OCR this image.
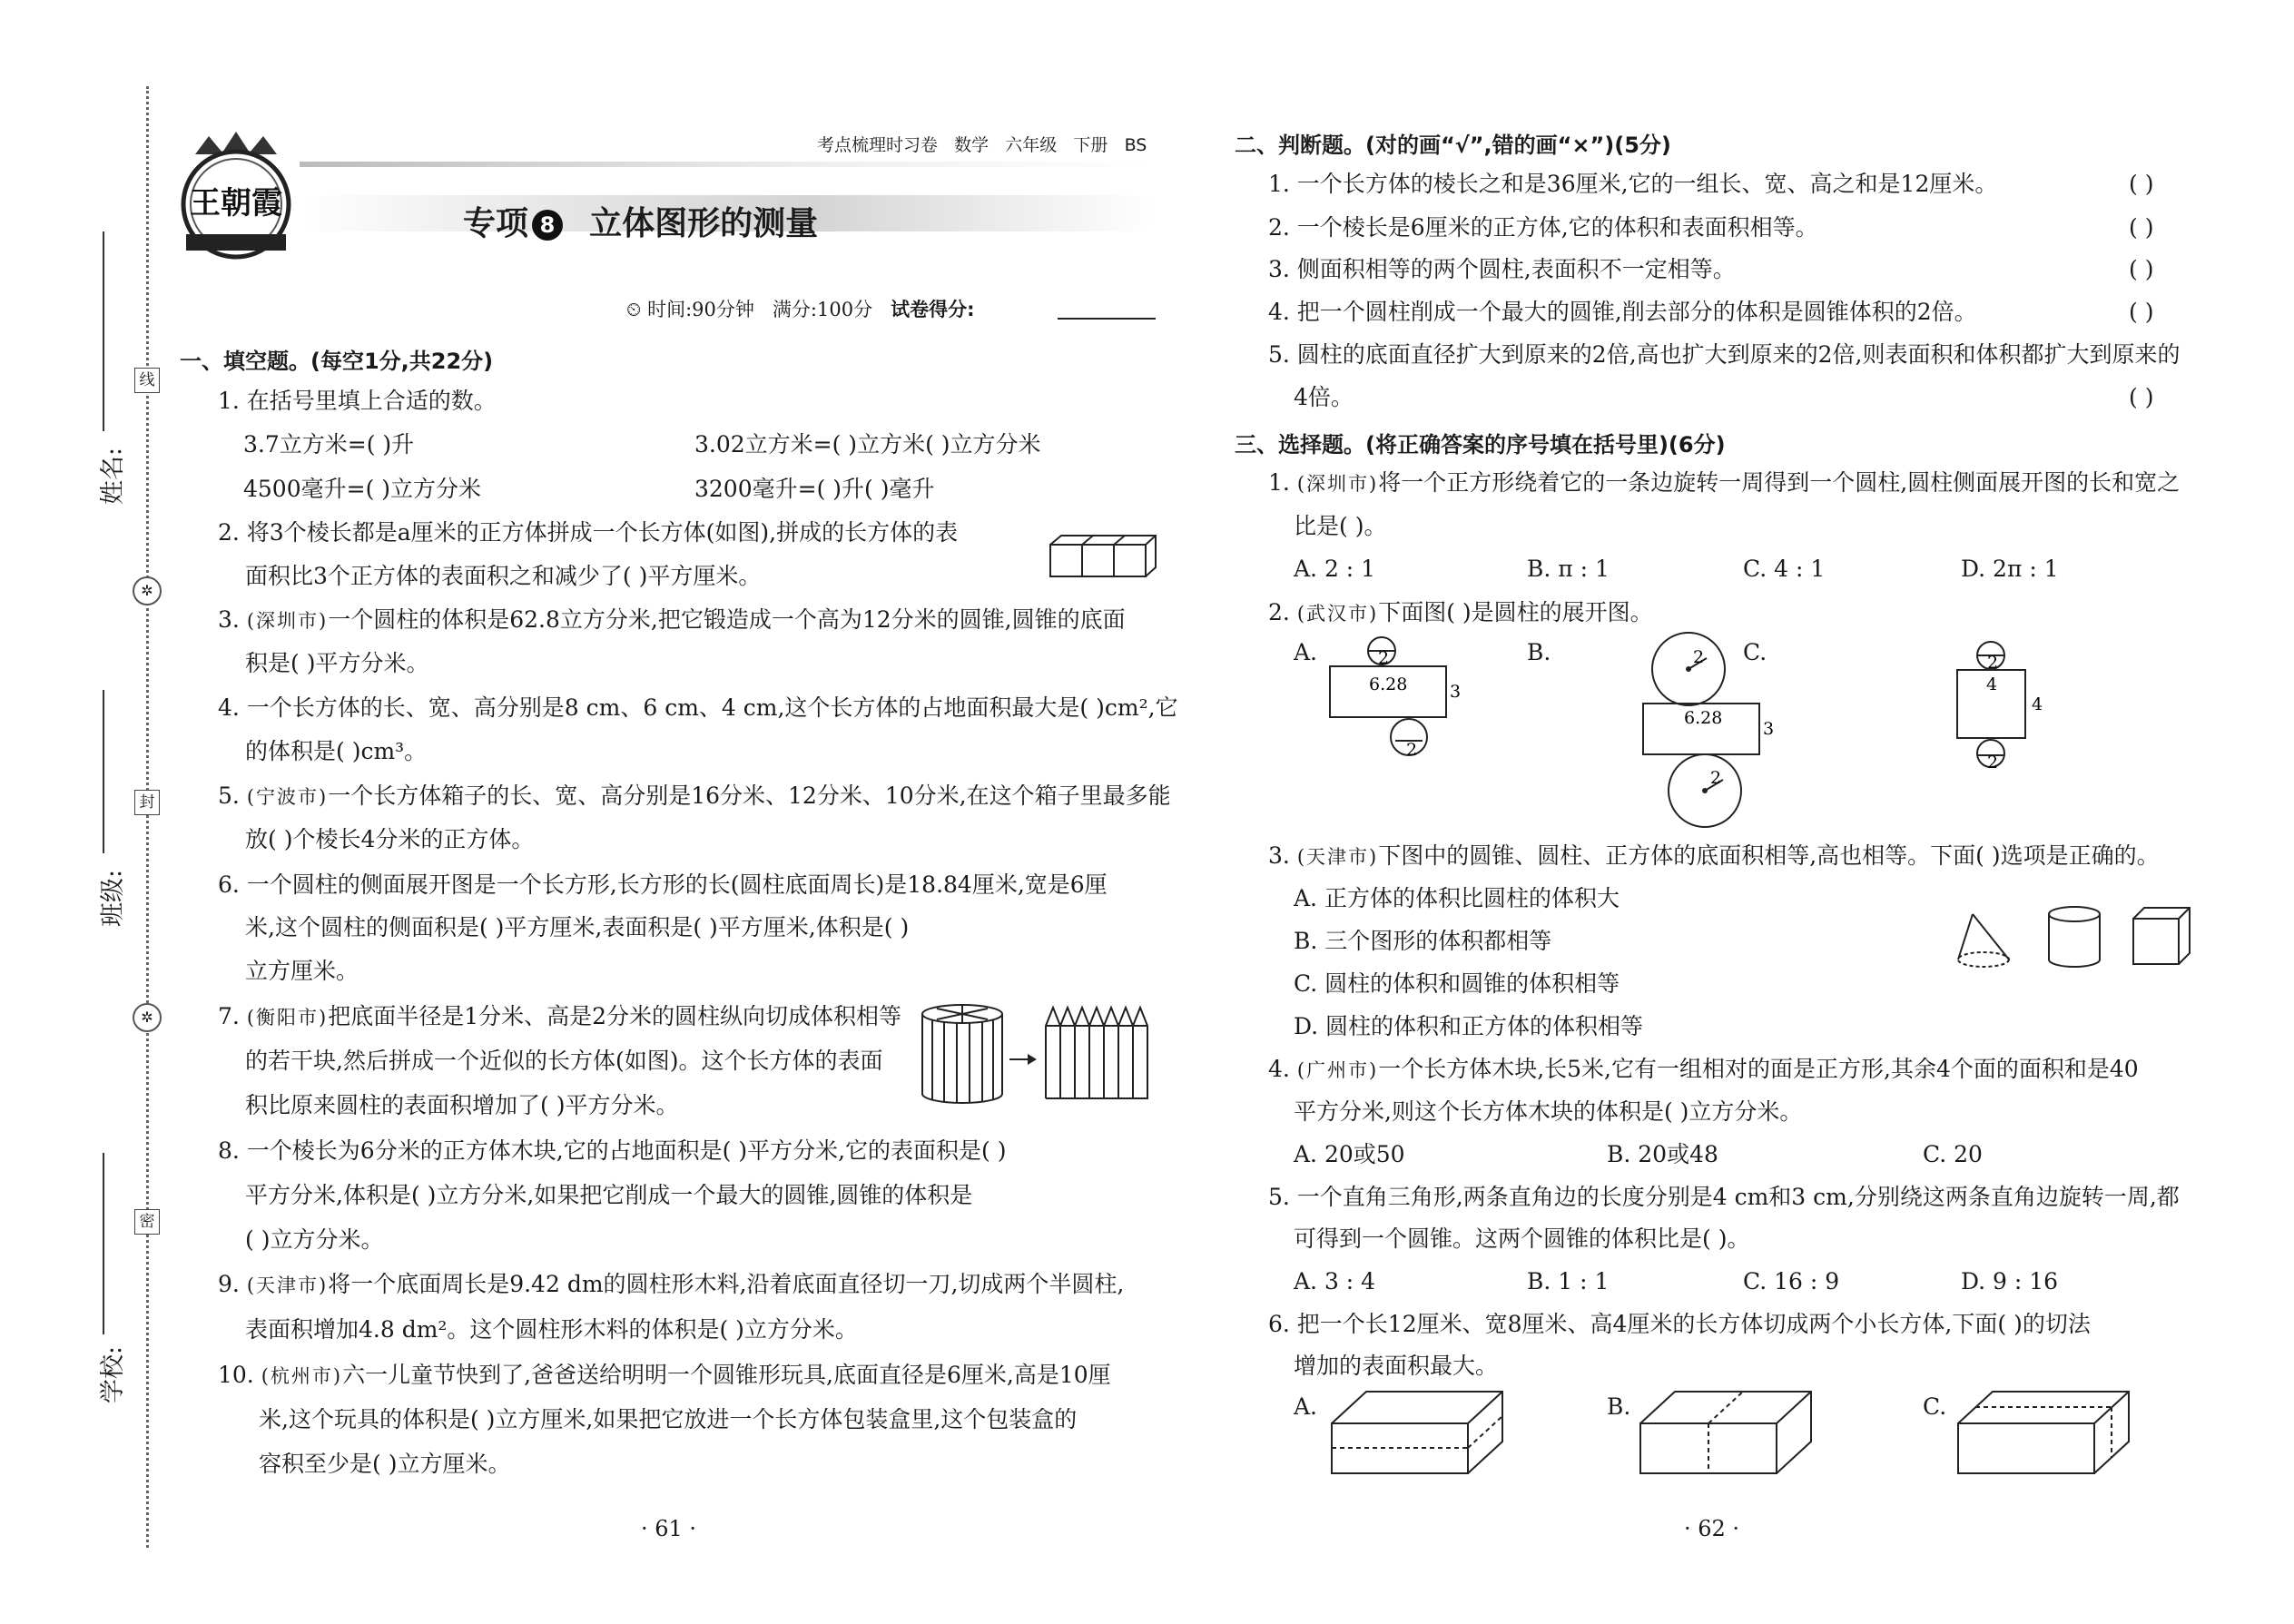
姓名:
班级:
学校:
线
✲
封
✲
密
考点梳理时习卷 数学 六年级 下册 BS
王朝霞
专项 8 立体图形的测量
⏲ 时间:90分钟 满分:100分 试卷得分:
一、填空题。(每空1分,共22分)
1. 在括号里填上合适的数。
3.7立方米=( )升	3.02立方米=( )立方米( )立方分米
4500毫升=( )立方分米	3200毫升=( )升( )毫升
2. 将3个棱长都是a厘米的正方体拼成一个长方体(如图),拼成的长方体的表
面积比3个正方体的表面积之和减少了( )平方厘米。
3. (深圳市)一个圆柱的体积是62.8立方分米,把它锻造成一个高为12分米的圆锥,圆锥的底面
积是( )平方分米。
4. 一个长方体的长、宽、高分别是8 cm、6 cm、4 cm,这个长方体的占地面积最大是( )cm²,它
的体积是( )cm³。
5. (宁波市)一个长方体箱子的长、宽、高分别是16分米、12分米、10分米,在这个箱子里最多能
放( )个棱长4分米的正方体。
6. 一个圆柱的侧面展开图是一个长方形,长方形的长(圆柱底面周长)是18.84厘米,宽是6厘
米,这个圆柱的侧面积是( )平方厘米,表面积是( )平方厘米,体积是( )
立方厘米。
7. (衡阳市)把底面半径是1分米、高是2分米的圆柱纵向切成体积相等
的若干块,然后拼成一个近似的长方体(如图)。这个长方体的表面
积比原来圆柱的表面积增加了( )平方分米。
8. 一个棱长为6分米的正方体木块,它的占地面积是( )平方分米,它的表面积是( )
平方分米,体积是( )立方分米,如果把它削成一个最大的圆锥,圆锥的体积是
( )立方分米。
9. (天津市)将一个底面周长是9.42 dm的圆柱形木料,沿着底面直径切一刀,切成两个半圆柱,
表面积增加4.8 dm²。这个圆柱形木料的体积是( )立方分米。
10. (杭州市)六一儿童节快到了,爸爸送给明明一个圆锥形玩具,底面直径是6厘米,高是10厘
米,这个玩具的体积是( )立方厘米,如果把它放进一个长方体包装盒里,这个包装盒的
容积至少是( )立方厘米。
· 61 ·
二、判断题。(对的画“√”,错的画“×”)(5分)
1. 一个长方体的棱长之和是36厘米,它的一组长、宽、高之和是12厘米。	( )
2. 一个棱长是6厘米的正方体,它的体积和表面积相等。	( )
3. 侧面积相等的两个圆柱,表面积不一定相等。	( )
4. 把一个圆柱削成一个最大的圆锥,削去部分的体积是圆锥体积的2倍。	( )
5. 圆柱的底面直径扩大到原来的2倍,高也扩大到原来的2倍,则表面积和体积都扩大到原来的
4倍。	( )
三、选择题。(将正确答案的序号填在括号里)(6分)
1. (深圳市)将一个正方形绕着它的一条边旋转一周得到一个圆柱,圆柱侧面展开图的长和宽之
比是( )。
A. 2 : 1	B. π : 1	C. 4 : 1	D. 2π : 1
2. (武汉市)下面图( )是圆柱的展开图。
A.	2
6.28 3
2
B.	2
6.28
3
2
C.	2
4
4
2
3. (天津市)下图中的圆锥、圆柱、正方体的底面积相等,高也相等。下面( )选项是正确的。
A. 正方体的体积比圆柱的体积大
B. 三个图形的体积都相等
C. 圆柱的体积和圆锥的体积相等
D. 圆柱的体积和正方体的体积相等
4. (广州市)一个长方体木块,长5米,它有一组相对的面是正方形,其余4个面的面积和是40
平方分米,则这个长方体木块的体积是( )立方分米。
A. 20或50	B. 20或48	C. 20
5. 一个直角三角形,两条直角边的长度分别是4 cm和3 cm,分别绕这两条直角边旋转一周,都
可得到一个圆锥。这两个圆锥的体积比是( )。
A. 3 : 4	B. 1 : 1	C. 16 : 9	D. 9 : 16
6. 把一个长12厘米、宽8厘米、高4厘米的长方体切成两个小长方体,下面( )的切法
增加的表面积最大。
A.	B.	C.
· 62 ·
